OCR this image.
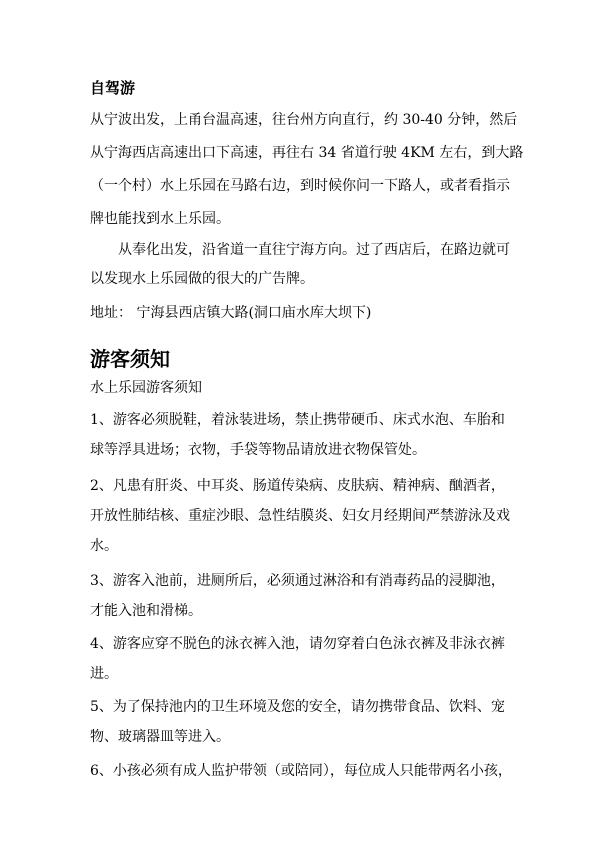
自驾游
从宁波出发，上甬台温高速，往台州方向直行，约 30-40 分钟，然后
从宁海西店高速出口下高速，再往右 34 省道行驶 4KM 左右，到大路
（一个村）水上乐园在马路右边，到时候你问一下路人，或者看指示
牌也能找到水上乐园。
从奉化出发，沿省道一直往宁海方向。过了西店后，在路边就可
以发现水上乐园做的很大的广告牌。
地址： 宁海县西店镇大路(洞口庙水库大坝下)
游客须知
水上乐园游客须知
1、游客必须脱鞋，着泳装进场，禁止携带硬币、床式水泡、车胎和
球等浮具进场；衣物，手袋等物品请放进衣物保管处。
2、凡患有肝炎、中耳炎、肠道传染病、皮肤病、精神病、酗酒者，
开放性肺结核、重症沙眼、急性结膜炎、妇女月经期间严禁游泳及戏
水。
3、游客入池前，进厕所后，必须通过淋浴和有消毒药品的浸脚池，
才能入池和滑梯。
4、游客应穿不脱色的泳衣裤入池，请勿穿着白色泳衣裤及非泳衣裤
进。
5、为了保持池内的卫生环境及您的安全，请勿携带食品、饮料、宠
物、玻璃器皿等进入。
6、小孩必须有成人监护带领（或陪同），每位成人只能带两名小孩，
